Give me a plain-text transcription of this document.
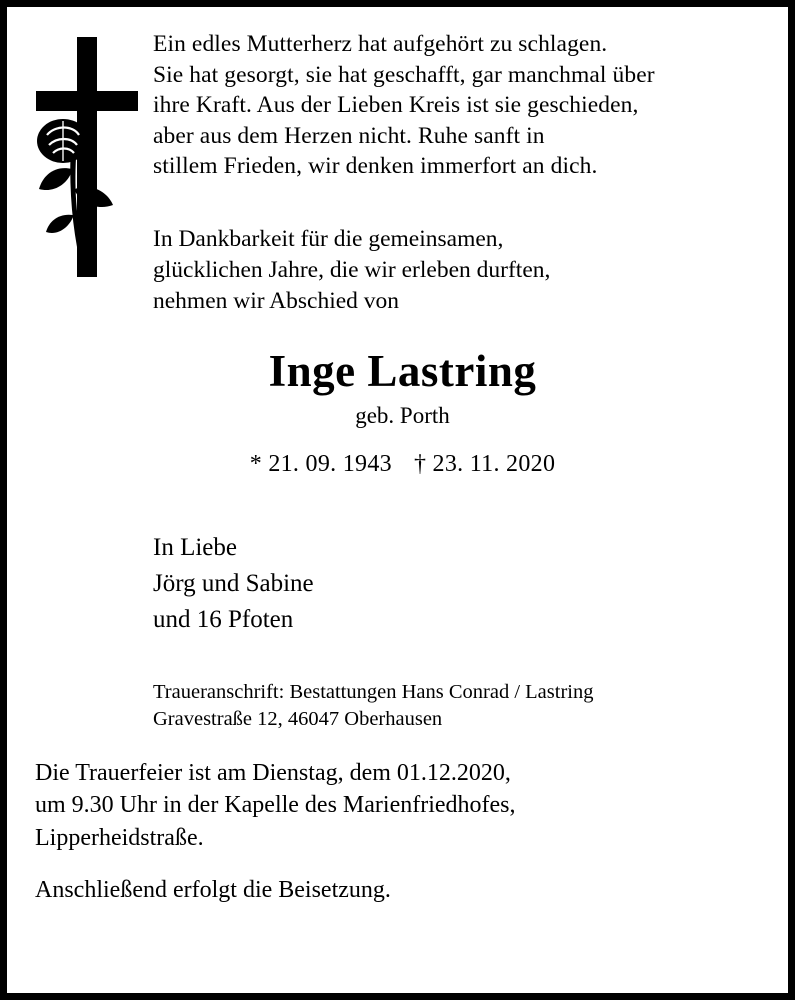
Ein edles Mutterherz hat aufgehört zu schlagen.
Sie hat gesorgt, sie hat geschafft, gar manchmal über
ihre Kraft. Aus der Lieben Kreis ist sie geschieden,
aber aus dem Herzen nicht. Ruhe sanft in
stillem Frieden, wir denken immerfort an dich.
In Dankbarkeit für die gemeinsamen,
glücklichen Jahre, die wir erleben durften,
nehmen wir Abschied von
Inge Lastring
geb. Porth
* 21. 09. 1943 † 23. 11. 2020
In Liebe
Jörg und Sabine
und 16 Pfoten
Traueranschrift: Bestattungen Hans Conrad / Lastring
Gravestraße 12, 46047 Oberhausen
Die Trauerfeier ist am Dienstag, dem 01.12.2020,
um 9.30 Uhr in der Kapelle des Marienfriedhofes,
Lipperheidstraße.
Anschließend erfolgt die Beisetzung.
